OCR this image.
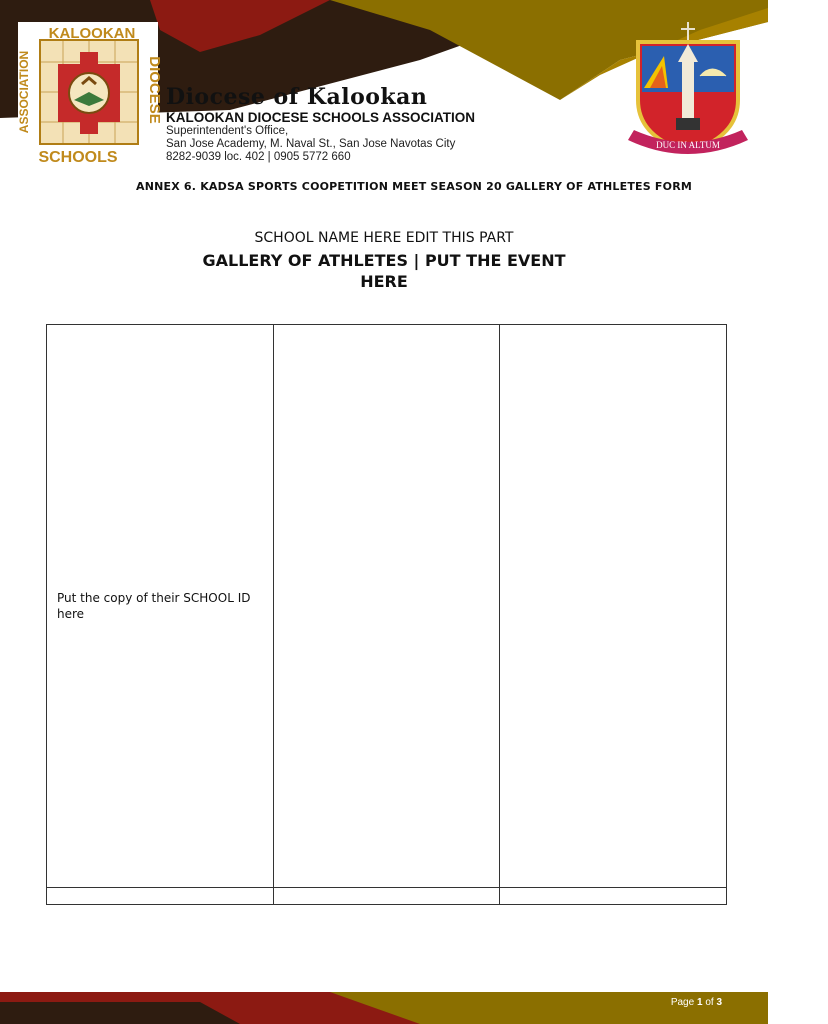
KALOOKAN
ASSOCIATION	DIOCESE
SCHOOLS
DUC IN ALTUM
Diocese of Kalookan

KALOOKAN DIOCESE SCHOOLS ASSOCIATION

Superintendent's Office,

San Jose Academy, M. Naval St., San Jose Navotas City

8282-9039 loc. 402 | 0905 5772 660

ANNEX 6. KADSA SPORTS COOPETITION MEET SEASON 20 GALLERY OF ATHLETES FORM

SCHOOL NAME HERE EDIT THIS PART

GALLERY OF ATHLETES | PUT THE EVENT
HERE
Put the copy of their SCHOOL ID here		

Page 1 of 3
